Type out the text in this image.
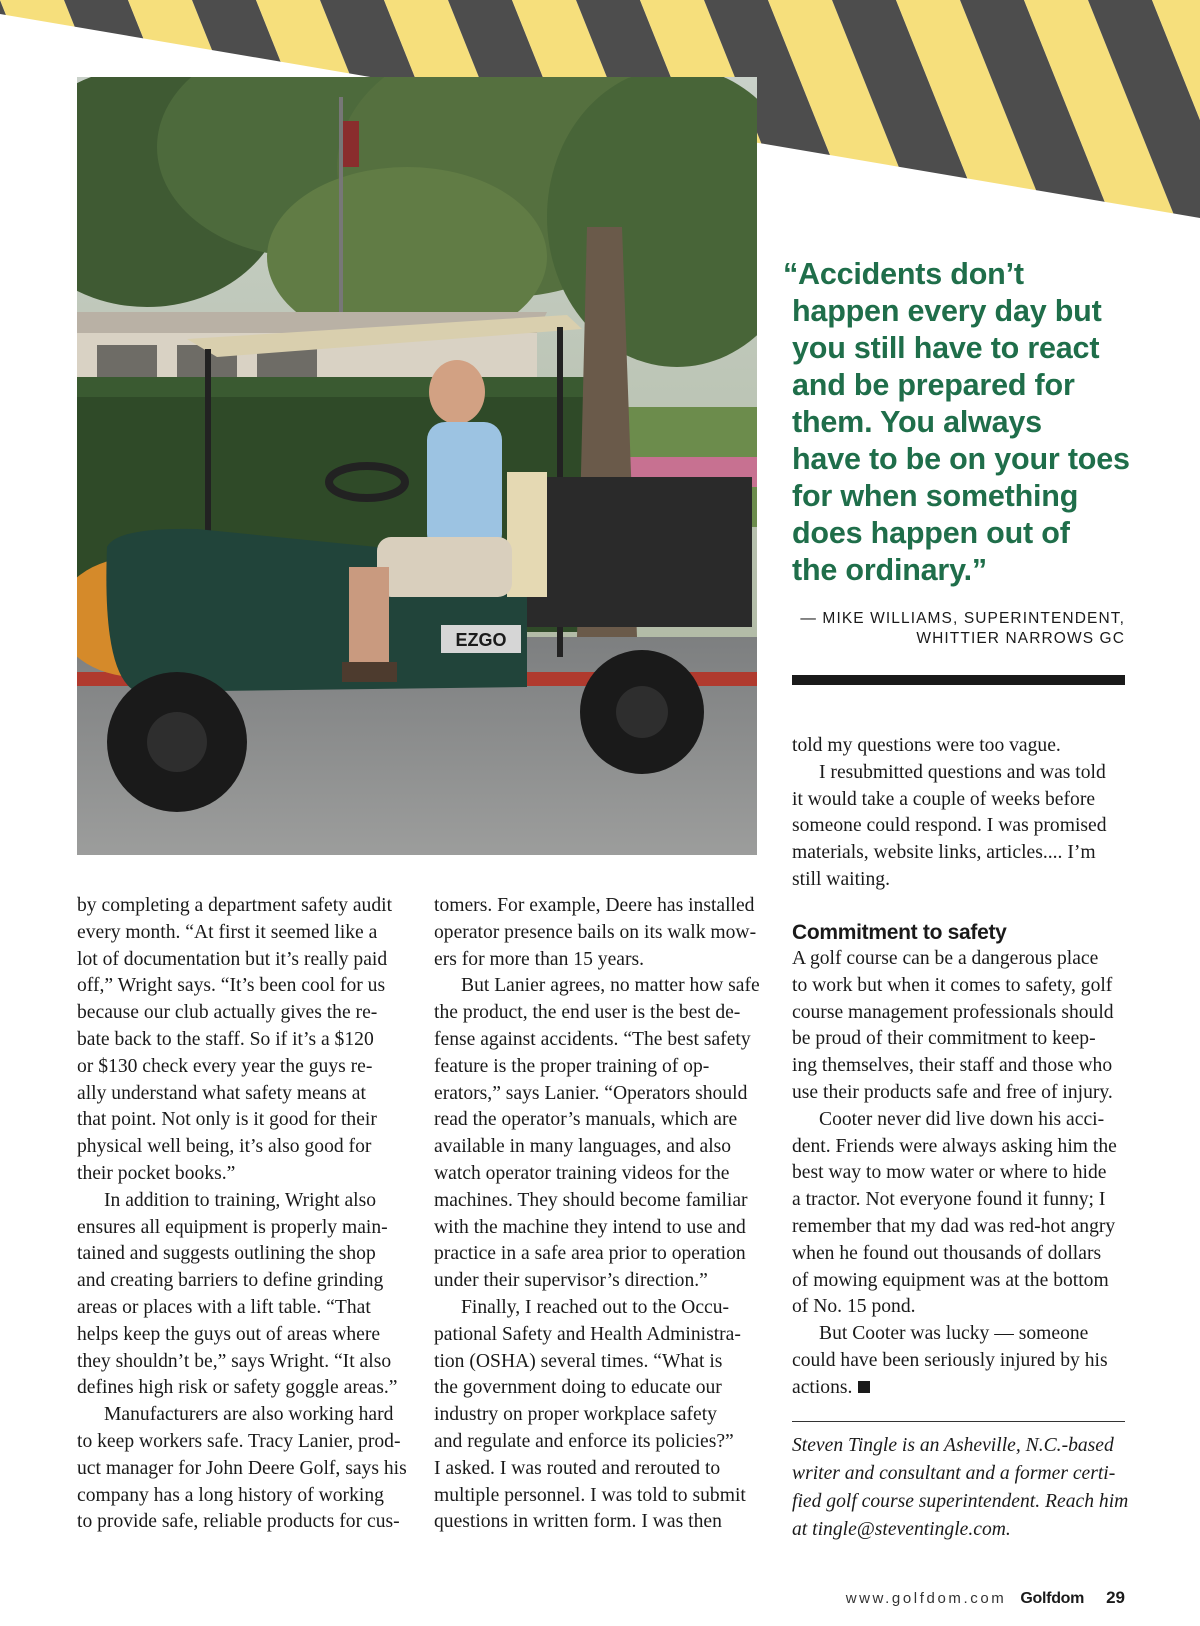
EZGO

“Accidents don’t
happen every day but
you still have to react
and be prepared for
them. You always
have to be on your toes
for when something
does happen out of
the ordinary.”

— MIKE WILLIAMS, SUPERINTENDENT,
WHITTIER NARROWS GC
by completing a department safety audit
every month. “At first it seemed like a
lot of documentation but it’s really paid
off,” Wright says. “It’s been cool for us
because our club actually gives the re-
bate back to the staff. So if it’s a $120
or $130 check every year the guys re-
ally understand what safety means at
that point. Not only is it good for their
physical well being, it’s also good for
their pocket books.”
In addition to training, Wright also
ensures all equipment is properly main-
tained and suggests outlining the shop
and creating barriers to define grinding
areas or places with a lift table. “That
helps keep the guys out of areas where
they shouldn’t be,” says Wright. “It also
defines high risk or safety goggle areas.”
Manufacturers are also working hard
to keep workers safe. Tracy Lanier, prod-
uct manager for John Deere Golf, says his
company has a long history of working
to provide safe, reliable products for cus-
tomers. For example, Deere has installed
operator presence bails on its walk mow-
ers for more than 15 years.
But Lanier agrees, no matter how safe
the product, the end user is the best de-
fense against accidents. “The best safety
feature is the proper training of op-
erators,” says Lanier. “Operators should
read the operator’s manuals, which are
available in many languages, and also
watch operator training videos for the
machines. They should become familiar
with the machine they intend to use and
practice in a safe area prior to operation
under their supervisor’s direction.”
Finally, I reached out to the Occu-
pational Safety and Health Administra-
tion (OSHA) several times. “What is
the government doing to educate our
industry on proper workplace safety
and regulate and enforce its policies?”
I asked. I was routed and rerouted to
multiple personnel. I was told to submit
questions in written form. I was then
told my questions were too vague.
I resubmitted questions and was told
it would take a couple of weeks before
someone could respond. I was promised
materials, website links, articles.... I’m
still waiting.
Commitment to safety
A golf course can be a dangerous place
to work but when it comes to safety, golf
course management professionals should
be proud of their commitment to keep-
ing themselves, their staff and those who
use their products safe and free of injury.
Cooter never did live down his acci-
dent. Friends were always asking him the
best way to mow water or where to hide
a tractor. Not everyone found it funny; I
remember that my dad was red-hot angry
when he found out thousands of dollars
of mowing equipment was at the bottom
of No. 15 pond.
But Cooter was lucky — someone
could have been seriously injured by his
actions.
Steven Tingle is an Asheville, N.C.-based
writer and consultant and a former certi-
fied golf course superintendent. Reach him
at tingle@steventingle.com.
www.golfdom.com Golfdom 29
